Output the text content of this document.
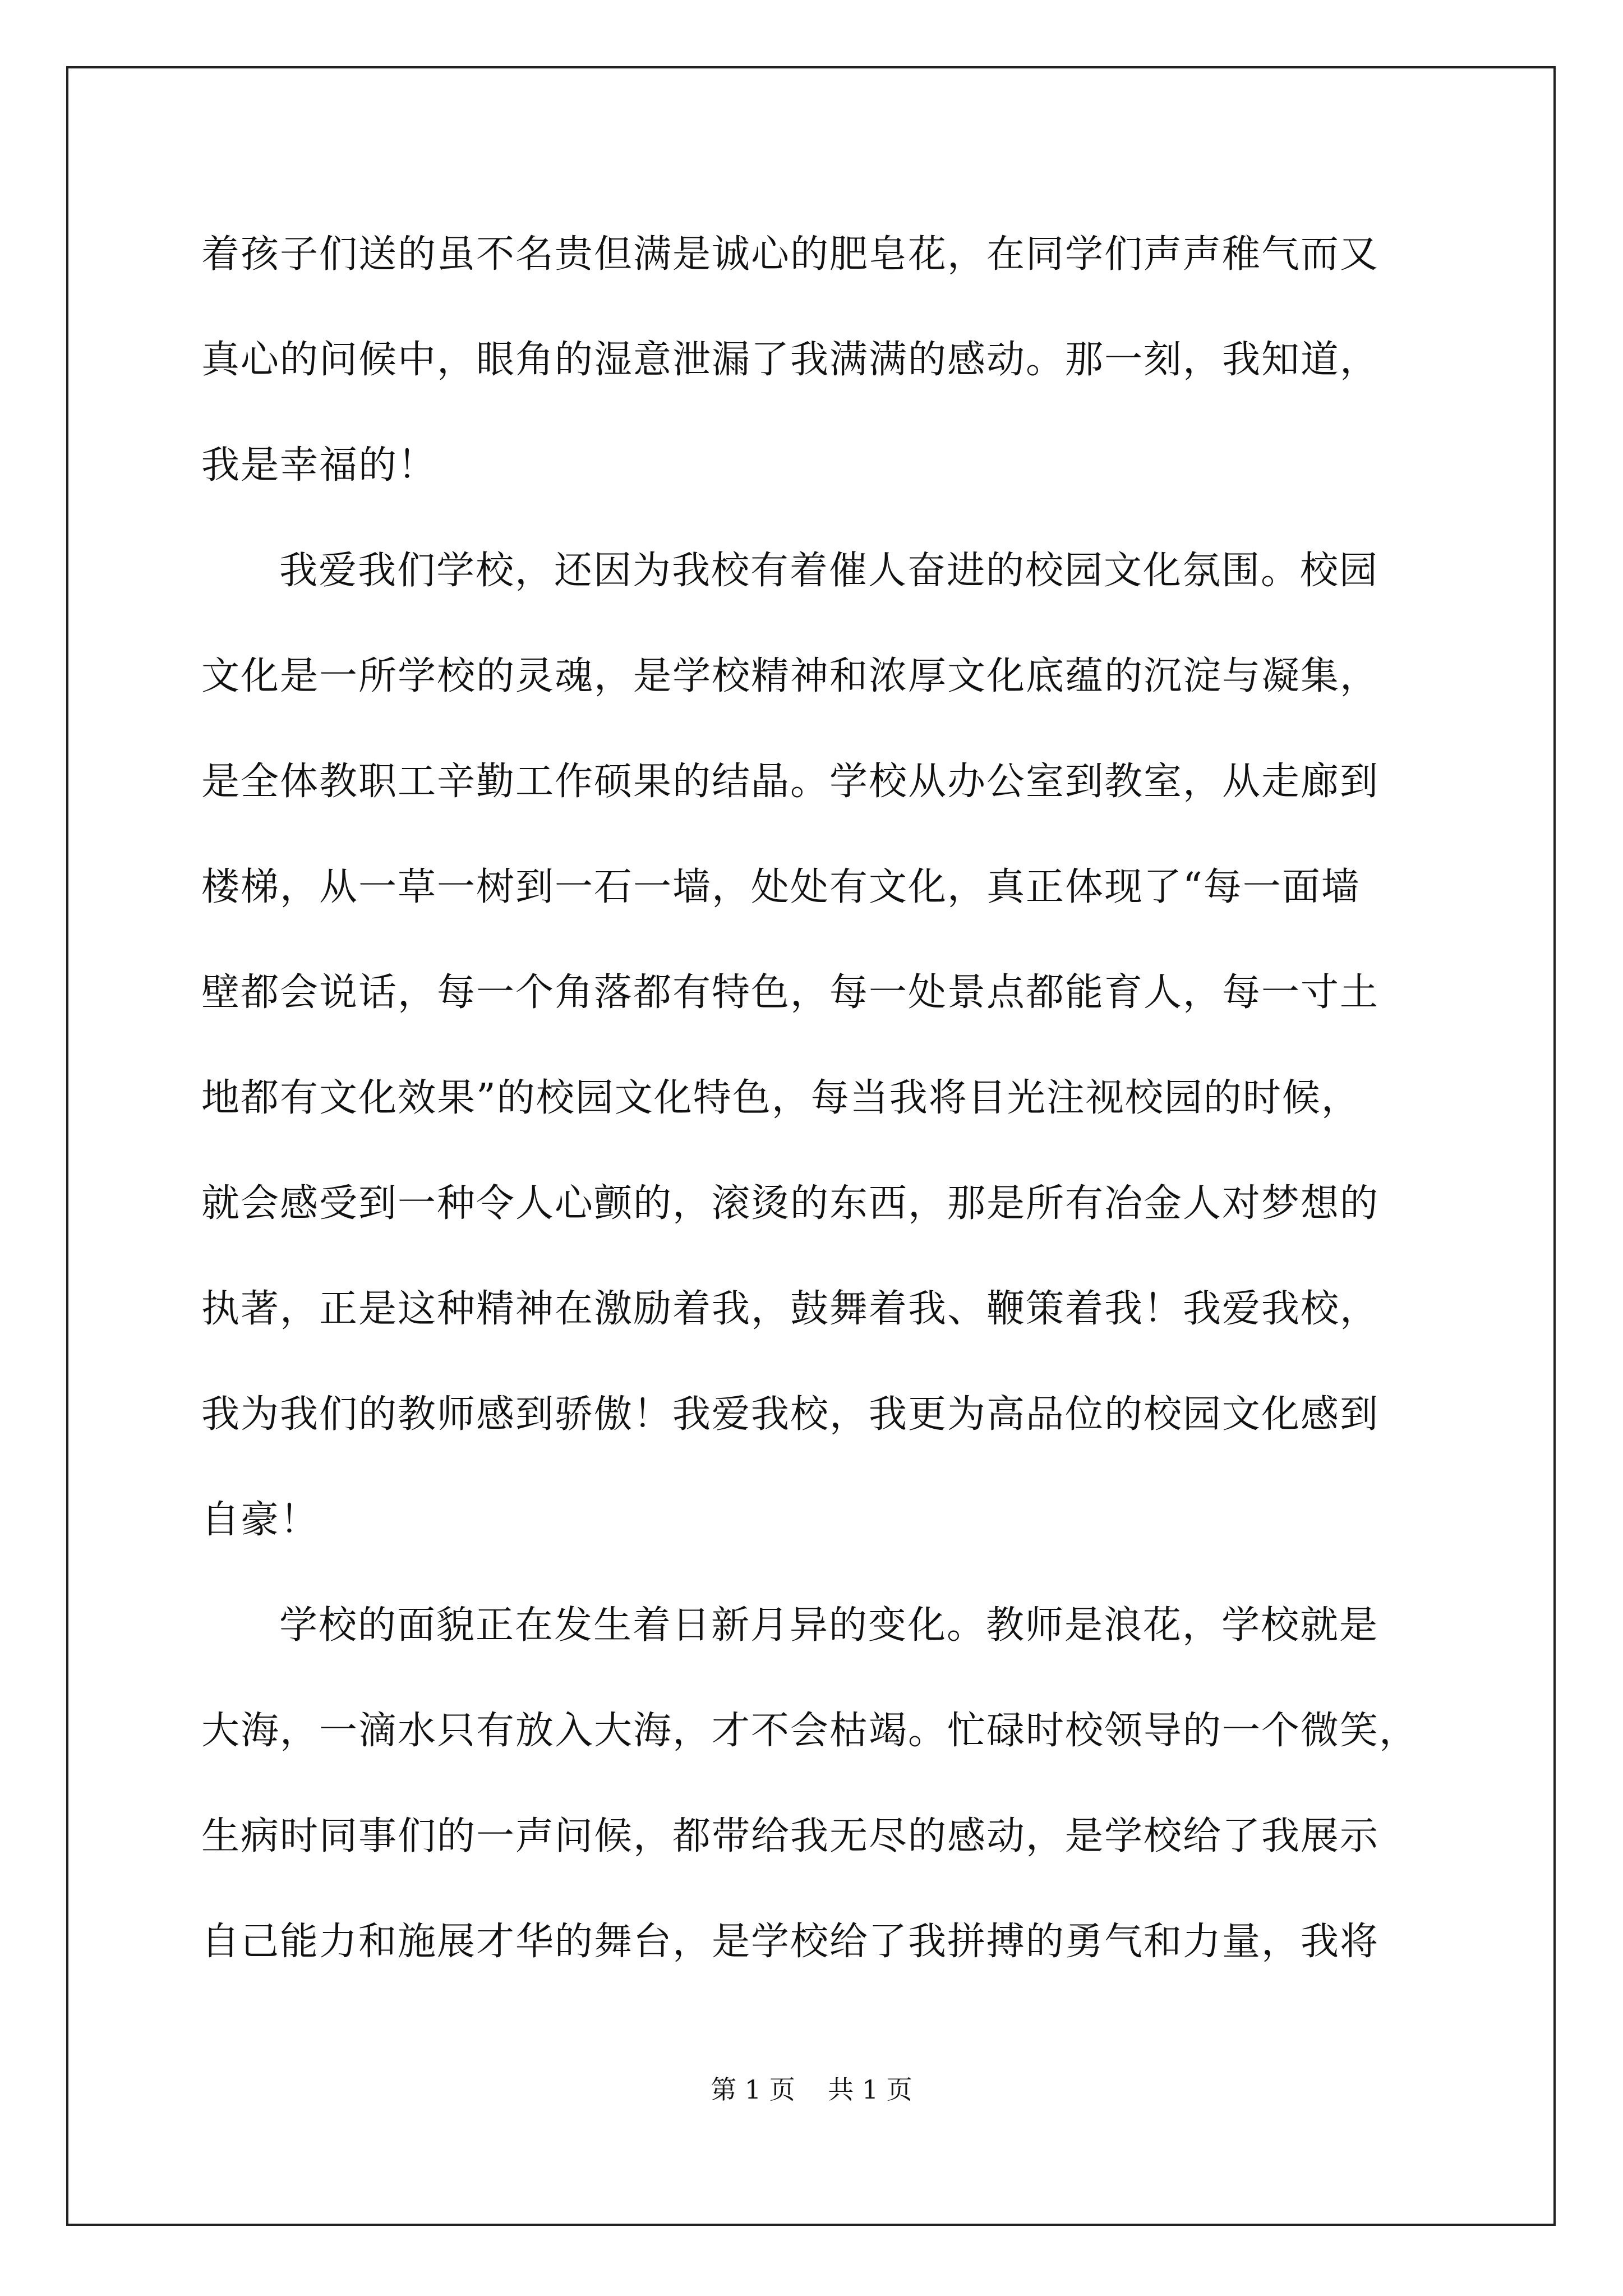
着孩子们送的虽不名贵但满是诚心的肥皂花，在同学们声声稚气而又
真心的问候中，眼角的湿意泄漏了我满满的感动。那一刻，我知道，
我是幸福的！
我爱我们学校，还因为我校有着催人奋进的校园文化氛围。校园
文化是一所学校的灵魂，是学校精神和浓厚文化底蕴的沉淀与凝集，
是全体教职工辛勤工作硕果的结晶。学校从办公室到教室，从走廊到
楼梯，从一草一树到一石一墙，处处有文化，真正体现了“每一面墙
壁都会说话，每一个角落都有特色，每一处景点都能育人，每一寸土
地都有文化效果”的校园文化特色，每当我将目光注视校园的时候，
就会感受到一种令人心颤的，滚烫的东西，那是所有冶金人对梦想的
执著，正是这种精神在激励着我，鼓舞着我、鞭策着我！我爱我校，
我为我们的教师感到骄傲！我爱我校，我更为高品位的校园文化感到
自豪！
学校的面貌正在发生着日新月异的变化。教师是浪花，学校就是
大海，一滴水只有放入大海，才不会枯竭。忙碌时校领导的一个微笑，
生病时同事们的一声问候，都带给我无尽的感动，是学校给了我展示
自己能力和施展才华的舞台，是学校给了我拼搏的勇气和力量，我将
第 1 页    共 1 页
